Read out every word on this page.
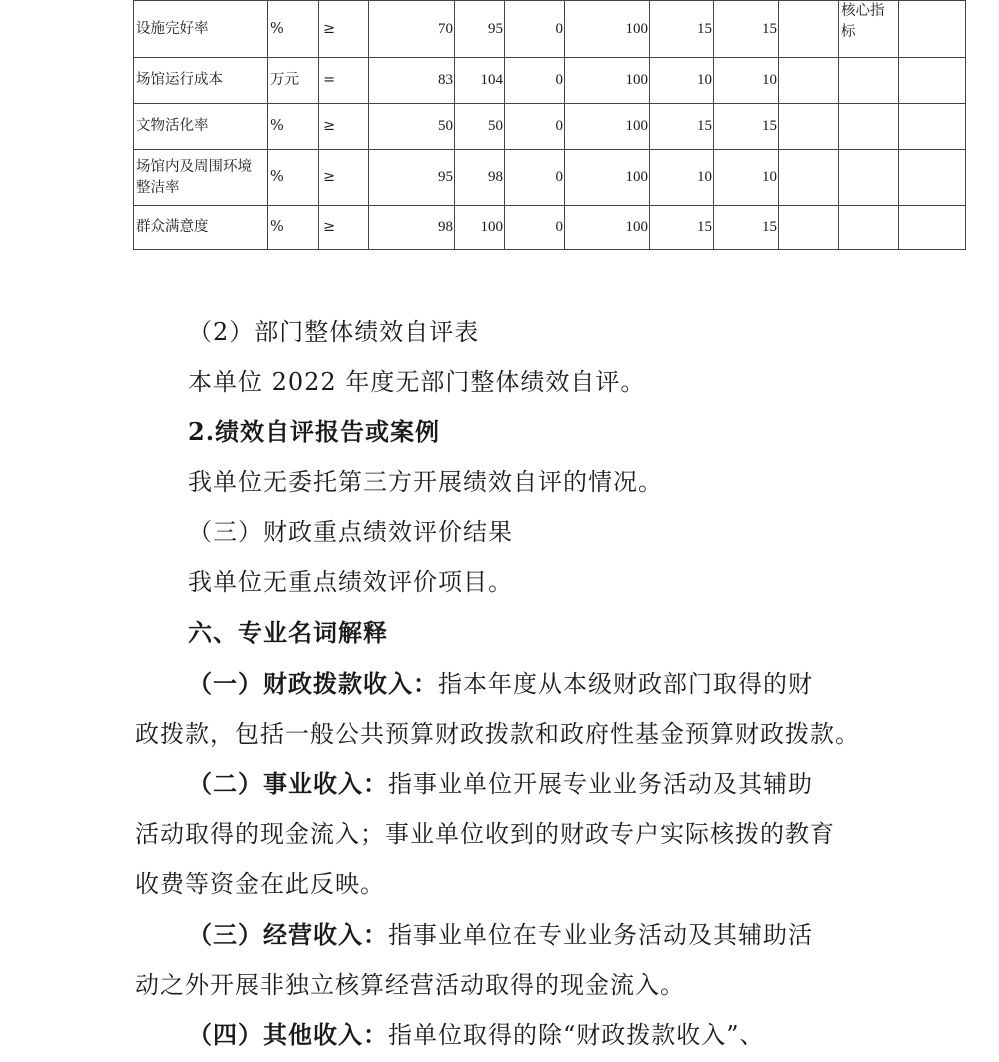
设施完好率	%	≥	70	95	0	100	15	15		核心指标	
场馆运行成本	万元	=	83	104	0	100	10	10			
文物活化率	%	≥	50	50	0	100	15	15			
场馆内及周围环境整洁率	%	≥	95	98	0	100	10	10			
群众满意度	%	≥	98	100	0	100	15	15			
（2）部门整体绩效自评表
本单位 2022 年度无部门整体绩效自评。
2.绩效自评报告或案例
我单位无委托第三方开展绩效自评的情况。
（三）财政重点绩效评价结果
我单位无重点绩效评价项目。
六、专业名词解释
（一）财政拨款收入：指本年度从本级财政部门取得的财
政拨款，包括一般公共预算财政拨款和政府性基金预算财政拨款。
（二）事业收入：指事业单位开展专业业务活动及其辅助
活动取得的现金流入；事业单位收到的财政专户实际核拨的教育
收费等资金在此反映。
（三）经营收入：指事业单位在专业业务活动及其辅助活
动之外开展非独立核算经营活动取得的现金流入。
（四）其他收入：指单位取得的除“财政拨款收入”、
